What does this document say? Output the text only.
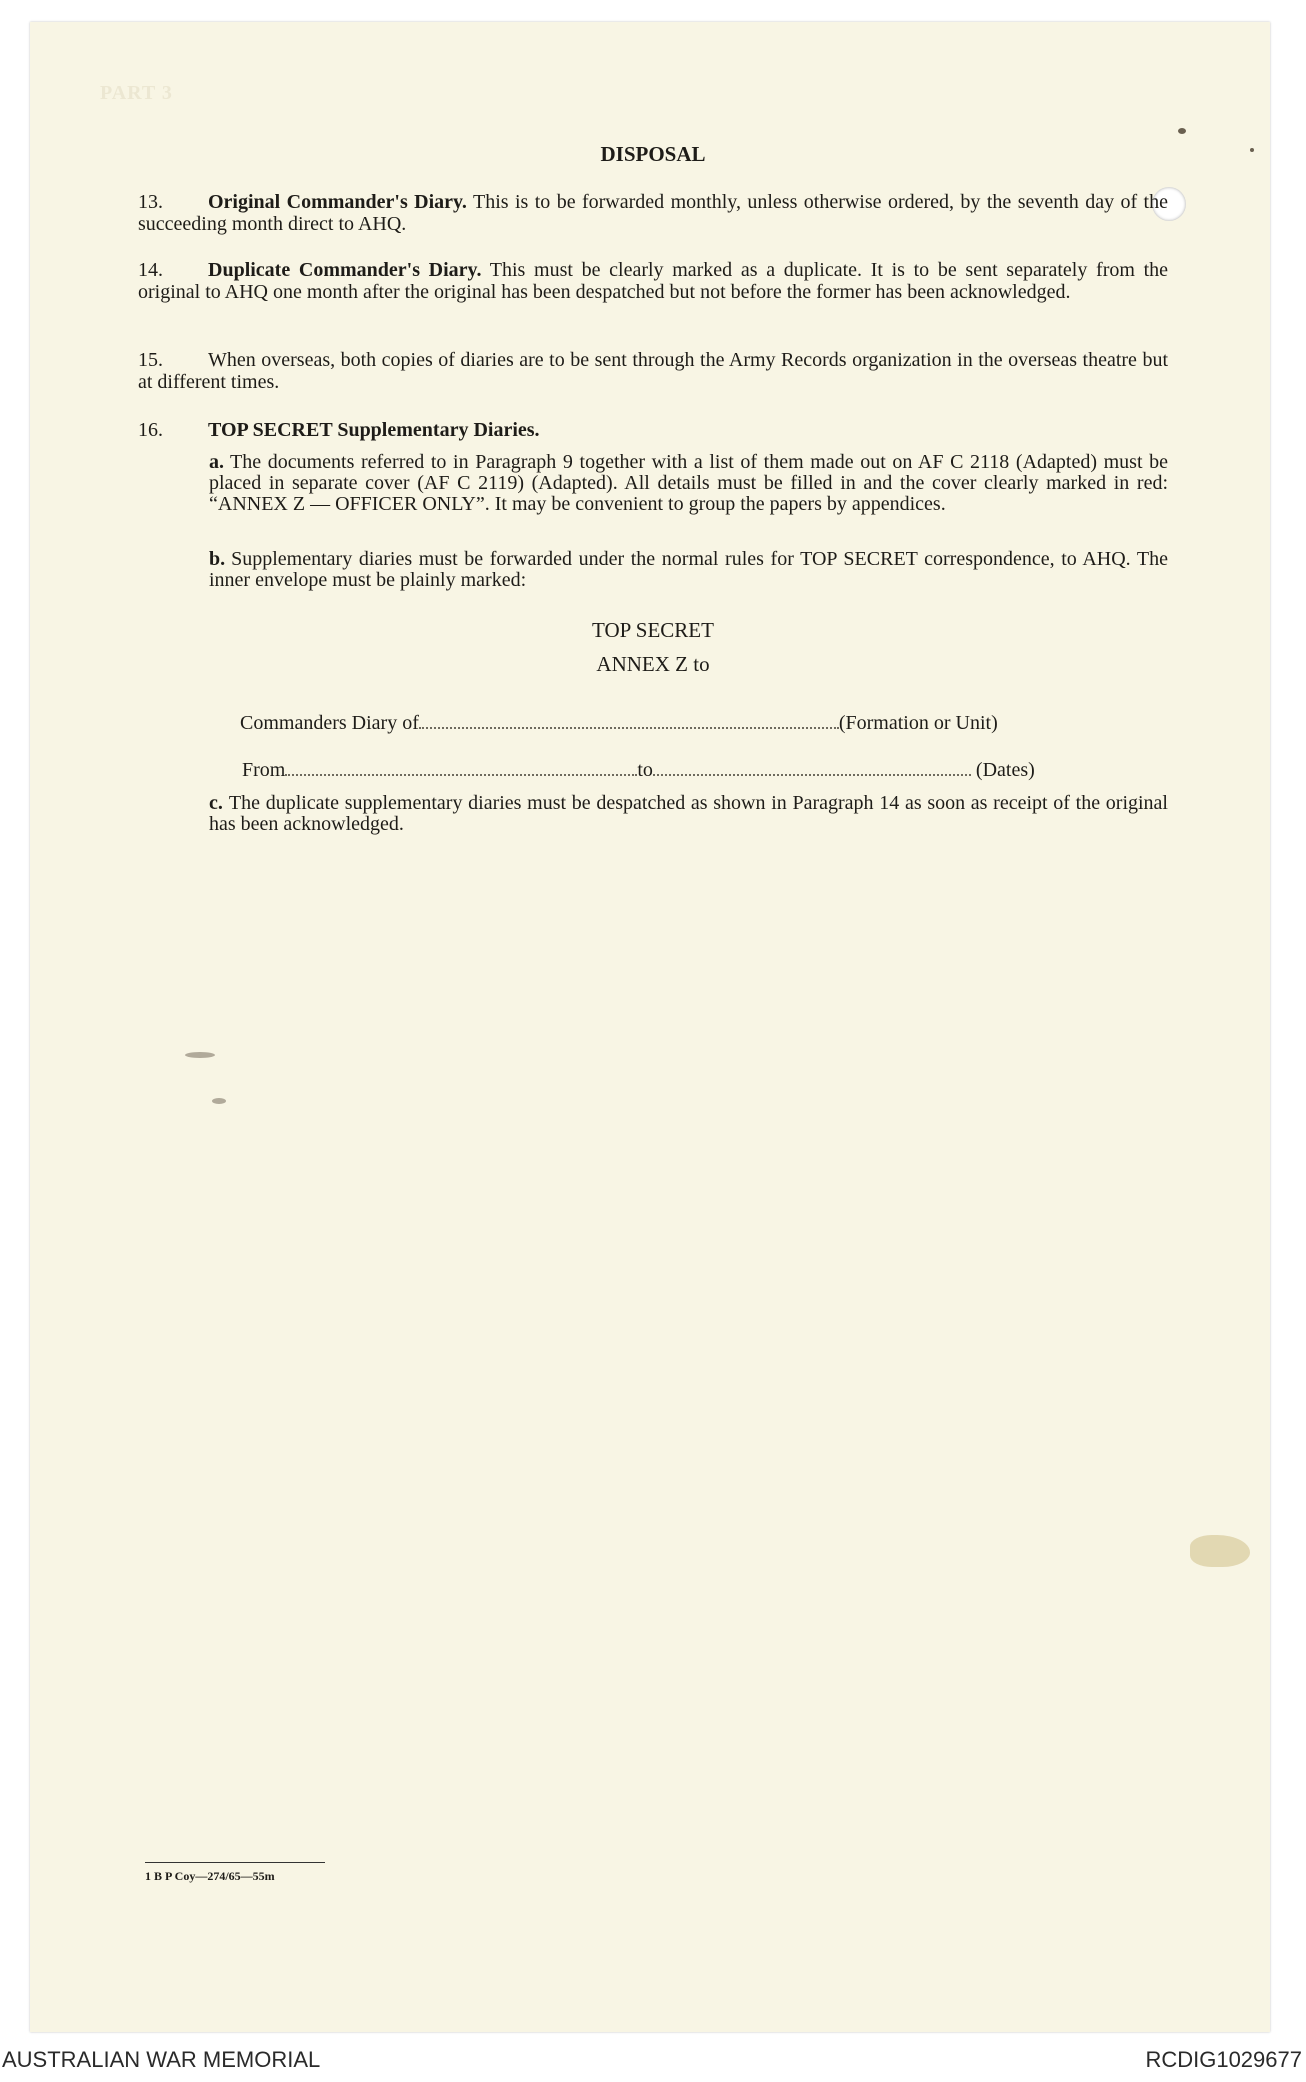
PART 3
DISPOSAL
13. Original Commander's Diary. This is to be forwarded monthly, unless otherwise ordered, by the seventh day of the succeeding month direct to AHQ.
14. Duplicate Commander's Diary. This must be clearly marked as a duplicate. It is to be sent separately from the original to AHQ one month after the original has been despatched but not before the former has been acknowledged.
15. When overseas, both copies of diaries are to be sent through the Army Records organization in the overseas theatre but at different times.
16. TOP SECRET Supplementary Diaries.
a. The documents referred to in Paragraph 9 together with a list of them made out on AF C 2118 (Adapted) must be placed in separate cover (AF C 2119) (Adapted). All details must be filled in and the cover clearly marked in red: “ANNEX Z — OFFICER ONLY”. It may be convenient to group the papers by appendices.
b. Supplementary diaries must be forwarded under the normal rules for TOP SECRET correspondence, to AHQ. The inner envelope must be plainly marked:
TOP SECRET
ANNEX Z to
Commanders Diary of	(Formation or Unit)
From	to	(Dates)
c. The duplicate supplementary diaries must be despatched as shown in Paragraph 14 as soon as receipt of the original has been acknowledged.
1 B P Coy—274/65—55m
AUSTRALIAN WAR MEMORIAL	RCDIG1029677
